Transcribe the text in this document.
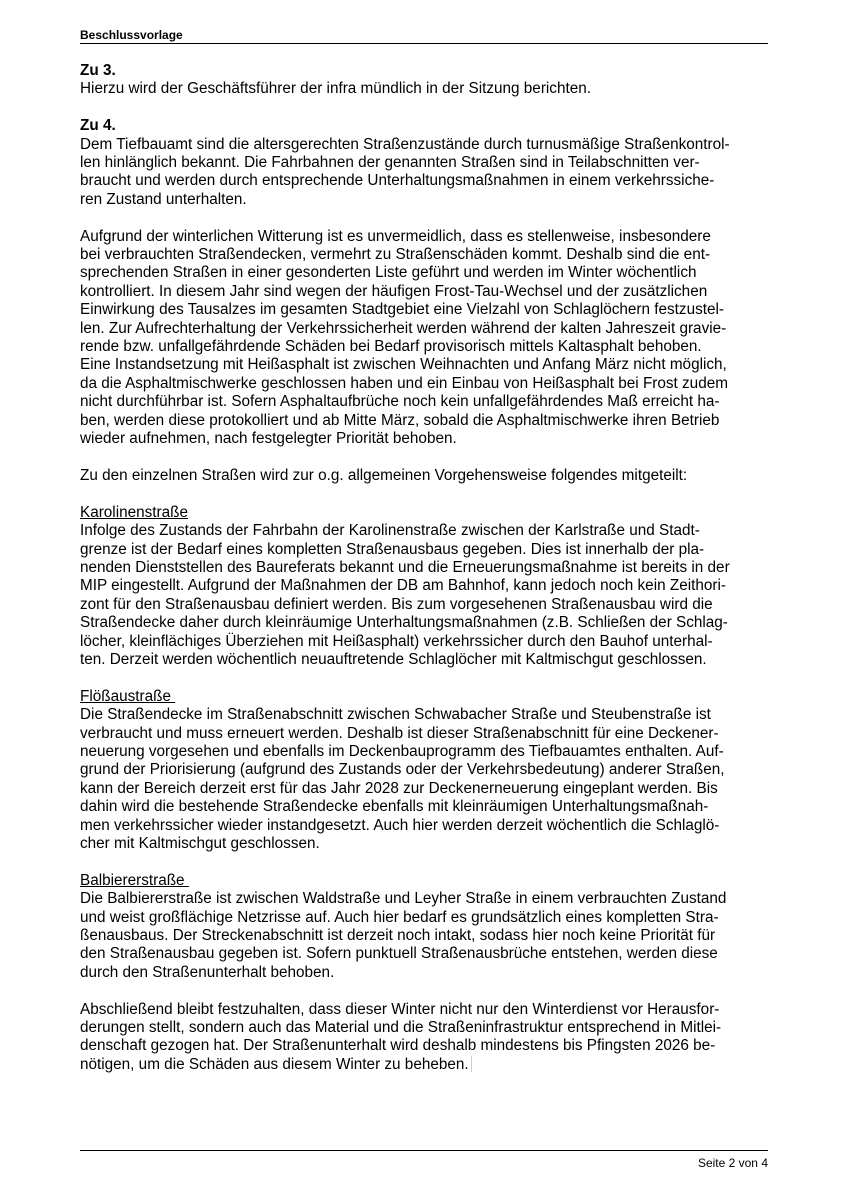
Beschlussvorlage
Zu 3.
Hierzu wird der Geschäftsführer der infra mündlich in der Sitzung berichten.
Zu 4.
Dem Tiefbauamt sind die altersgerechten Straßenzustände durch turnusmäßige Straßenkontrol-
len hinlänglich bekannt. Die Fahrbahnen der genannten Straßen sind in Teilabschnitten ver-
braucht und werden durch entsprechende Unterhaltungsmaßnahmen in einem verkehrssiche-
ren Zustand unterhalten.
Aufgrund der winterlichen Witterung ist es unvermeidlich, dass es stellenweise, insbesondere
bei verbrauchten Straßendecken, vermehrt zu Straßenschäden kommt. Deshalb sind die ent-
sprechenden Straßen in einer gesonderten Liste geführt und werden im Winter wöchentlich
kontrolliert. In diesem Jahr sind wegen der häufigen Frost-Tau-Wechsel und der zusätzlichen
Einwirkung des Tausalzes im gesamten Stadtgebiet eine Vielzahl von Schlaglöchern festzustel-
len. Zur Aufrechterhaltung der Verkehrssicherheit werden während der kalten Jahreszeit gravie-
rende bzw. unfallgefährdende Schäden bei Bedarf provisorisch mittels Kaltasphalt behoben.
Eine Instandsetzung mit Heißasphalt ist zwischen Weihnachten und Anfang März nicht möglich,
da die Asphaltmischwerke geschlossen haben und ein Einbau von Heißasphalt bei Frost zudem
nicht durchführbar ist. Sofern Asphaltaufbrüche noch kein unfallgefährdendes Maß erreicht ha-
ben, werden diese protokolliert und ab Mitte März, sobald die Asphaltmischwerke ihren Betrieb
wieder aufnehmen, nach festgelegter Priorität behoben.
Zu den einzelnen Straßen wird zur o.g. allgemeinen Vorgehensweise folgendes mitgeteilt:
Karolinenstraße
Infolge des Zustands der Fahrbahn der Karolinenstraße zwischen der Karlstraße und Stadt-
grenze ist der Bedarf eines kompletten Straßenausbaus gegeben. Dies ist innerhalb der pla-
nenden Dienststellen des Baureferats bekannt und die Erneuerungsmaßnahme ist bereits in der
MIP eingestellt. Aufgrund der Maßnahmen der DB am Bahnhof, kann jedoch noch kein Zeithori-
zont für den Straßenausbau definiert werden. Bis zum vorgesehenen Straßenausbau wird die
Straßendecke daher durch kleinräumige Unterhaltungsmaßnahmen (z.B. Schließen der Schlag-
löcher, kleinflächiges Überziehen mit Heißasphalt) verkehrssicher durch den Bauhof unterhal-
ten. Derzeit werden wöchentlich neuauftretende Schlaglöcher mit Kaltmischgut geschlossen.
Flößaustraße
Die Straßendecke im Straßenabschnitt zwischen Schwabacher Straße und Steubenstraße ist
verbraucht und muss erneuert werden. Deshalb ist dieser Straßenabschnitt für eine Deckener-
neuerung vorgesehen und ebenfalls im Deckenbauprogramm des Tiefbauamtes enthalten. Auf-
grund der Priorisierung (aufgrund des Zustands oder der Verkehrsbedeutung) anderer Straßen,
kann der Bereich derzeit erst für das Jahr 2028 zur Deckenerneuerung eingeplant werden. Bis
dahin wird die bestehende Straßendecke ebenfalls mit kleinräumigen Unterhaltungsmaßnah-
men verkehrssicher wieder instandgesetzt. Auch hier werden derzeit wöchentlich die Schlaglö-
cher mit Kaltmischgut geschlossen.
Balbiererstraße
Die Balbiererstraße ist zwischen Waldstraße und Leyher Straße in einem verbrauchten Zustand
und weist großflächige Netzrisse auf. Auch hier bedarf es grundsätzlich eines kompletten Stra-
ßenausbaus. Der Streckenabschnitt ist derzeit noch intakt, sodass hier noch keine Priorität für
den Straßenausbau gegeben ist. Sofern punktuell Straßenausbrüche entstehen, werden diese
durch den Straßenunterhalt behoben.
Abschließend bleibt festzuhalten, dass dieser Winter nicht nur den Winterdienst vor Herausfor-
derungen stellt, sondern auch das Material und die Straßeninfrastruktur entsprechend in Mitlei-
denschaft gezogen hat. Der Straßenunterhalt wird deshalb mindestens bis Pfingsten 2026 be-
nötigen, um die Schäden aus diesem Winter zu beheben.
Seite 2 von 4
